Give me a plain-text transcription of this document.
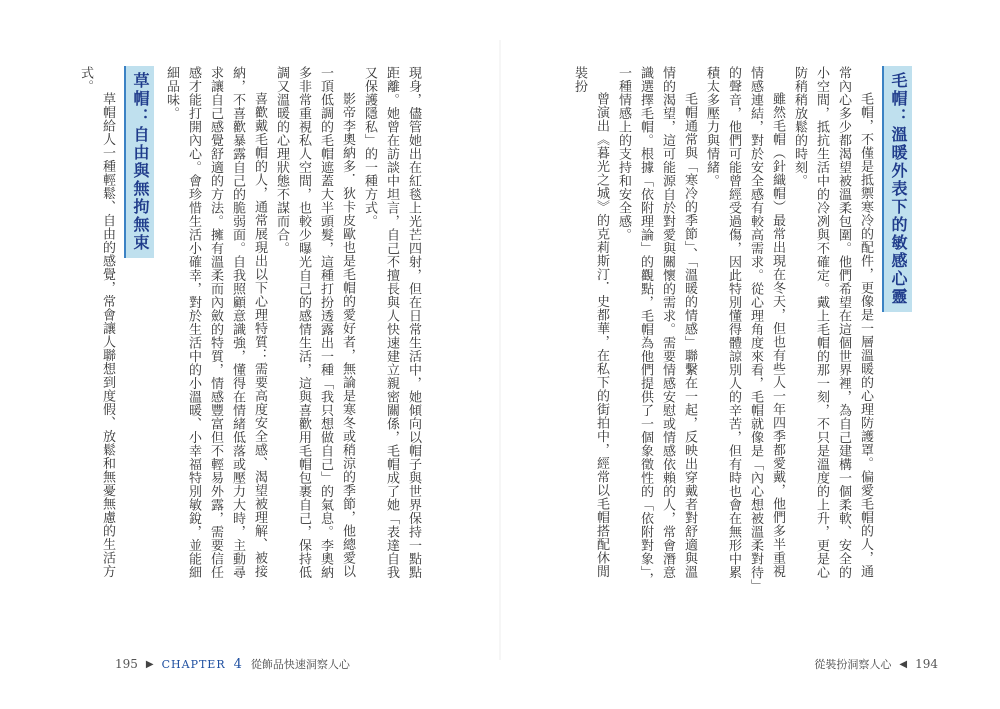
毛帽：溫暖外表下的敏感心靈

毛帽，不僅是抵禦寒冷的配件，更像是一層溫暖的心理防護罩。偏愛毛帽的人，通常內心多少都渴望被溫柔包圍。他們希望在這個世界裡，為自己建構一個柔軟、安全的小空間，抵抗生活中的冷冽與不確定。戴上毛帽的那一刻，不只是溫度的上升，更是心防稍稍放鬆的時刻。

雖然毛帽（針織帽）最常出現在冬天，但也有些人一年四季都愛戴，他們多半重視情感連結，對於安全感有較高需求。從心理角度來看，毛帽就像是「內心想被溫柔對待」的聲音，他們可能曾經受過傷，因此特別懂得體諒別人的辛苦，但有時也會在無形中累積太多壓力與情緒。

毛帽通常與「寒冷的季節」、「溫暖的情感」聯繫在一起，反映出穿戴者對舒適與溫情的渴望，這可能源自於對愛與關懷的需求。需要情感安慰或情感依賴的人，常會潛意識選擇毛帽。根據「依附理論」的觀點，毛帽為他們提供了一個象徵性的「依附對象」，一種情感上的支持和安全感。

曾演出《暮光之城》的克莉斯汀．史都華，在私下的街拍中，經常以毛帽搭配休閒裝扮

現身，儘管她出在紅毯上光芒四射，但在日常生活中，她傾向以帽子與世界保持一點點距離。她曾在訪談中坦言，自己不擅長與人快速建立親密關係，毛帽成了她「表達自我又保護隱私」的一種方式。

影帝李奧納多．狄卡皮歐也是毛帽的愛好者，無論是寒冬或稍涼的季節，他總愛以一頂低調的毛帽遮蓋大半頭髮，這種打扮透露出一種「我只想做自己」的氣息。李奧納多非常重視私人空間，也較少曝光自己的感情生活，這與喜歡用毛帽包裹自己，保持低調又溫暖的心理狀態不謀而合。

喜歡戴毛帽的人，通常展現出以下心理特質：需要高度安全感、渴望被理解、被接納，不喜歡暴露自己的脆弱面。自我照顧意識強，懂得在情緒低落或壓力大時，主動尋求讓自己感覺舒適的方法。擁有溫柔而內斂的特質，情感豐富但不輕易外露，需要信任感才能打開內心。會珍惜生活小確幸，對於生活中的小溫暖、小幸福特別敏銳，並能細細品味。

草帽：自由與無拘無束

草帽給人一種輕鬆、自由的感覺，常會讓人聯想到度假、放鬆和無憂無慮的生活方式。

195 ▶ CHAPTER 4 從飾品快速洞察人心	從裝扮洞察人心 ◀ 194
